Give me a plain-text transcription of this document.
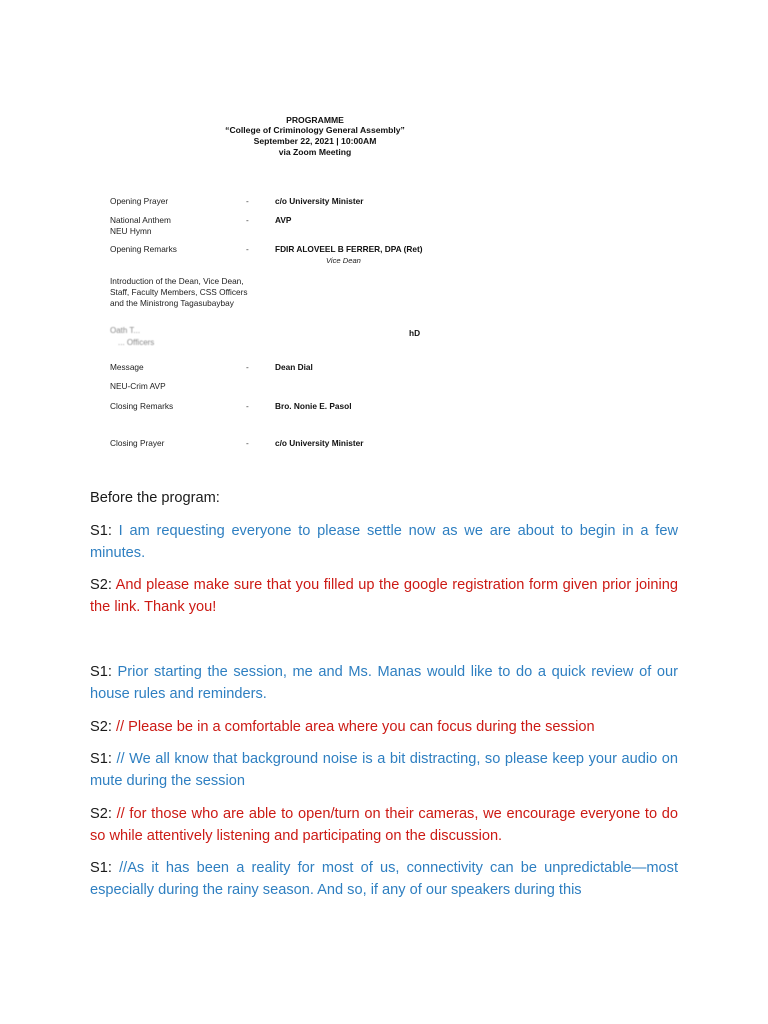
PROGRAMME
“College of Criminology General Assembly”
September 22, 2021 | 10:00AM
via Zoom Meeting
Opening Prayer	-	c/o University Minister
National Anthem
NEU Hymn
-	AVP
Opening Remarks	-	FDIR ALOVEEL B FERRER, DPA (Ret)
Vice Dean
Introduction of the Dean, Vice Dean,
Staff, Faculty Members, CSS Officers
and the Ministrong Tagasubaybay
Oath T...
... Officers
hD
Message	-	Dean Dial
NEU-Crim AVP
Closing Remarks	-	Bro. Nonie E. Pasol
Closing Prayer	-	c/o University Minister
Before the program:
S1: I am requesting everyone to please settle now as we are about to begin in a few minutes.
S2: And please make sure that you filled up the google registration form given prior joining the link. Thank you!
S1: Prior starting the session, me and Ms. Manas would like to do a quick review of our house rules and reminders.
S2: // Please be in a comfortable area where you can focus during the session
S1: // We all know that background noise is a bit distracting, so please keep your audio on mute during the session
S2: // for those who are able to open/turn on their cameras, we encourage everyone to do so while attentively listening and participating on the discussion.
S1: //As it has been a reality for most of us, connectivity can be unpredictable—most especially during the rainy season. And so, if any of our speakers during this
